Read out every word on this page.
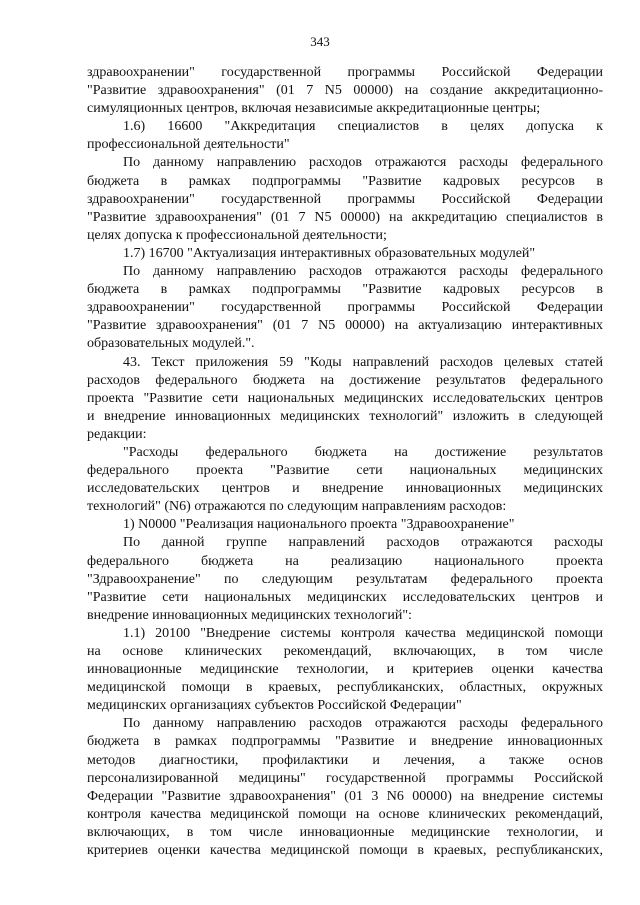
343
здравоохранении" государственной программы Российской Федерации
"Развитие здравоохранения" (01 7 N5 00000) на создание аккредитационно-
симуляционных центров, включая независимые аккредитационные центры;
1.6) 16600 "Аккредитация специалистов в целях допуска к
профессиональной деятельности"
По данному направлению расходов отражаются расходы федерального
бюджета в рамках подпрограммы "Развитие кадровых ресурсов в
здравоохранении" государственной программы Российской Федерации
"Развитие здравоохранения" (01 7 N5 00000) на аккредитацию специалистов в
целях допуска к профессиональной деятельности;
1.7) 16700 "Актуализация интерактивных образовательных модулей"
По данному направлению расходов отражаются расходы федерального
бюджета в рамках подпрограммы "Развитие кадровых ресурсов в
здравоохранении" государственной программы Российской Федерации
"Развитие здравоохранения" (01 7 N5 00000) на актуализацию интерактивных
образовательных модулей.".
43. Текст приложения 59 "Коды направлений расходов целевых статей
расходов федерального бюджета на достижение результатов федерального
проекта "Развитие сети национальных медицинских исследовательских центров
и внедрение инновационных медицинских технологий" изложить в следующей
редакции:
"Расходы федерального бюджета на достижение результатов
федерального проекта "Развитие сети национальных медицинских
исследовательских центров и внедрение инновационных медицинских
технологий" (N6) отражаются по следующим направлениям расходов:
1) N0000 "Реализация национального проекта "Здравоохранение"
По данной группе направлений расходов отражаются расходы
федерального бюджета на реализацию национального проекта
"Здравоохранение" по следующим результатам федерального проекта
"Развитие сети национальных медицинских исследовательских центров и
внедрение инновационных медицинских технологий":
1.1) 20100 "Внедрение системы контроля качества медицинской помощи
на основе клинических рекомендаций, включающих, в том числе
инновационные медицинские технологии, и критериев оценки качества
медицинской помощи в краевых, республиканских, областных, окружных
медицинских организациях субъектов Российской Федерации"
По данному направлению расходов отражаются расходы федерального
бюджета в рамках подпрограммы "Развитие и внедрение инновационных
методов диагностики, профилактики и лечения, а также основ
персонализированной медицины" государственной программы Российской
Федерации "Развитие здравоохранения" (01 3 N6 00000) на внедрение системы
контроля качества медицинской помощи на основе клинических рекомендаций,
включающих, в том числе инновационные медицинские технологии, и
критериев оценки качества медицинской помощи в краевых, республиканских,
